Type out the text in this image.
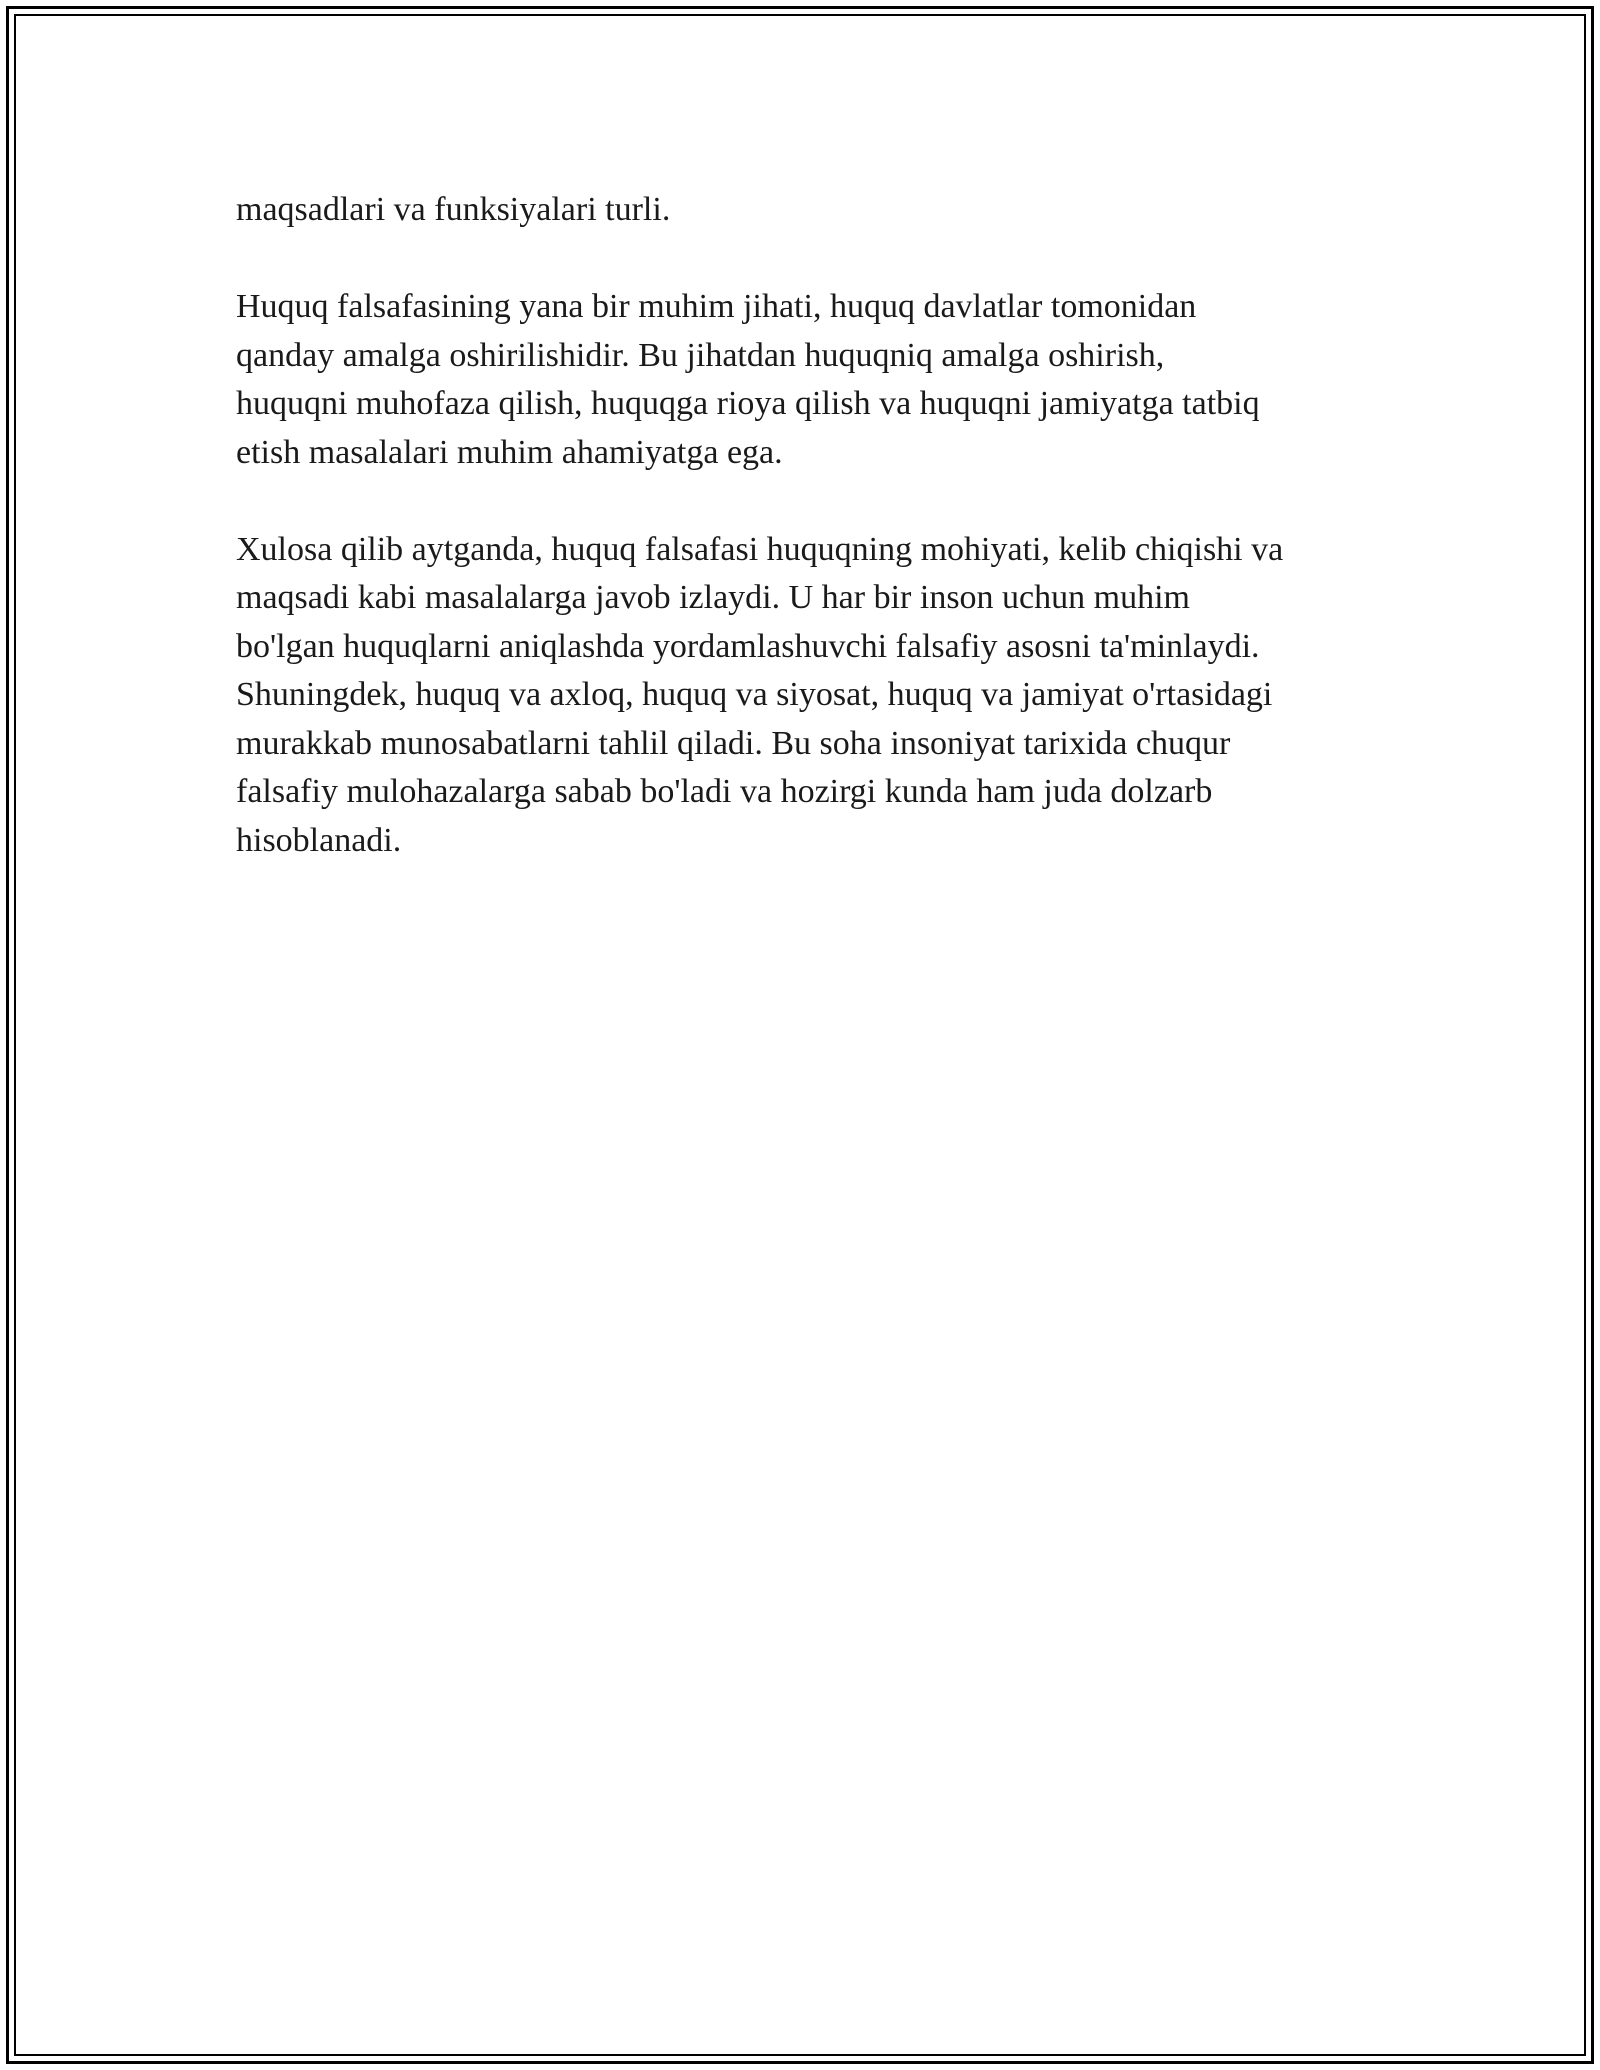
maqsadlari va funksiyalari turli.

Huquq falsafasining yana bir muhim jihati, huquq davlatlar tomonidan
qanday amalga oshirilishidir. Bu jihatdan huquqniq amalga oshirish,
huquqni muhofaza qilish, huquqga rioya qilish va huquqni jamiyatga tatbiq
etish masalalari muhim ahamiyatga ega.

Xulosa qilib aytganda, huquq falsafasi huquqning mohiyati, kelib chiqishi va
maqsadi kabi masalalarga javob izlaydi. U har bir inson uchun muhim
bo'lgan huquqlarni aniqlashda yordamlashuvchi falsafiy asosni ta'minlaydi.
Shuningdek, huquq va axloq, huquq va siyosat, huquq va jamiyat o'rtasidagi
murakkab munosabatlarni tahlil qiladi. Bu soha insoniyat tarixida chuqur
falsafiy mulohazalarga sabab bo'ladi va hozirgi kunda ham juda dolzarb
hisoblanadi.
